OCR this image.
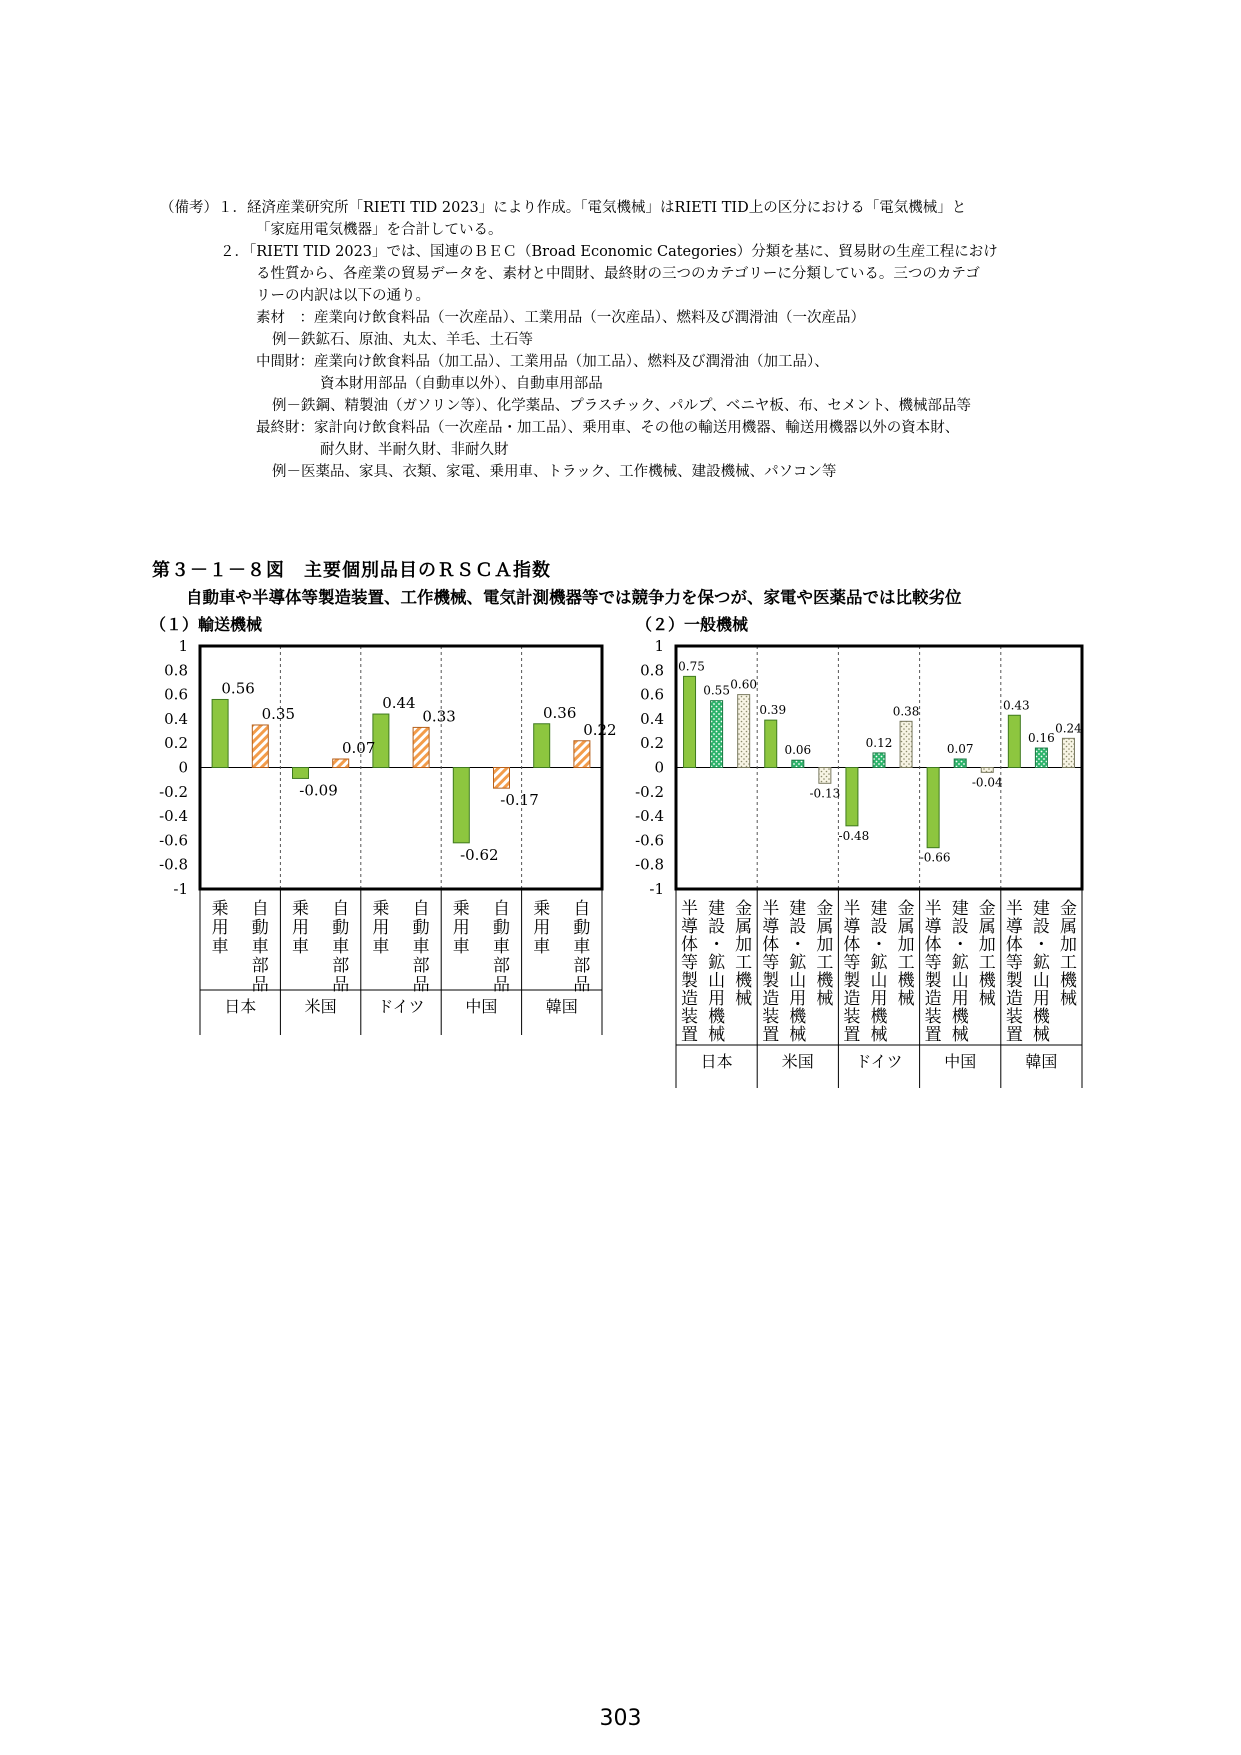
（備考）１．経済産業研究所「RIETI TID 2023」により作成。「電気機械」はRIETI TID上の区分における「電気機械」と
「家庭用電気機器」を合計している。
２．「RIETI TID 2023」では、国連のＢＥＣ（Broad Economic Categories）分類を基に、貿易財の生産工程におけ
る性質から、各産業の貿易データを、素材と中間財、最終財の三つのカテゴリーに分類している。三つのカテゴ
リーの内訳は以下の通り。
素材　：産業向け飲食料品（一次産品）、工業用品（一次産品）、燃料及び潤滑油（一次産品）
例－鉄鉱石、原油、丸太、羊毛、土石等
中間財：産業向け飲食料品（加工品）、工業用品（加工品）、燃料及び潤滑油（加工品）、
資本財用部品（自動車以外）、自動車用部品
例－鉄鋼、精製油（ガソリン等）、化学薬品、プラスチック、パルプ、ベニヤ板、布、セメント、機械部品等
最終財：家計向け飲食料品（一次産品・加工品）、乗用車、その他の輸送用機器、輸送用機器以外の資本財、
耐久財、半耐久財、非耐久財
例－医薬品、家具、衣類、家電、乗用車、トラック、工作機械、建設機械、パソコン等
第３－１－８図　主要個別品目のＲＳＣＡ指数
自動車や半導体等製造装置、工作機械、電気計測機器等では競争力を保つが、家電や医薬品では比較劣位
（１）輸送機械	（２）一般機械
1
0.8
0.6
0.4
0.2
0
-0.2
-0.4
-0.6
-0.8
-1
0.56
-0.09
0.44
-0.62
0.36
乗用車
乗用車
乗用車
乗用車
乗用車
0.35
0.07
0.33
-0.17
0.22
自動車部品
自動車部品
自動車部品
自動車部品
自動車部品
日本	米国	ドイツ	中国	韓国
1
0.8
0.6
0.4
0.2
0
-0.2
-0.4
-0.6
-0.8
-1
0.75
0.39
-0.48
-0.66
0.43
半導体等製造装置
半導体等製造装置
半導体等製造装置
半導体等製造装置
半導体等製造装置
0.55
0.06
0.12	0.07
0.16
建設・鉱山用機械
建設・鉱山用機械
建設・鉱山用機械
建設・鉱山用機械
建設・鉱山用機械
0.60
-0.13
0.38
-0.04
0.24
金属加工機械
金属加工機械
金属加工機械
金属加工機械
金属加工機械
日本	米国	ドイツ	中国	韓国
303
